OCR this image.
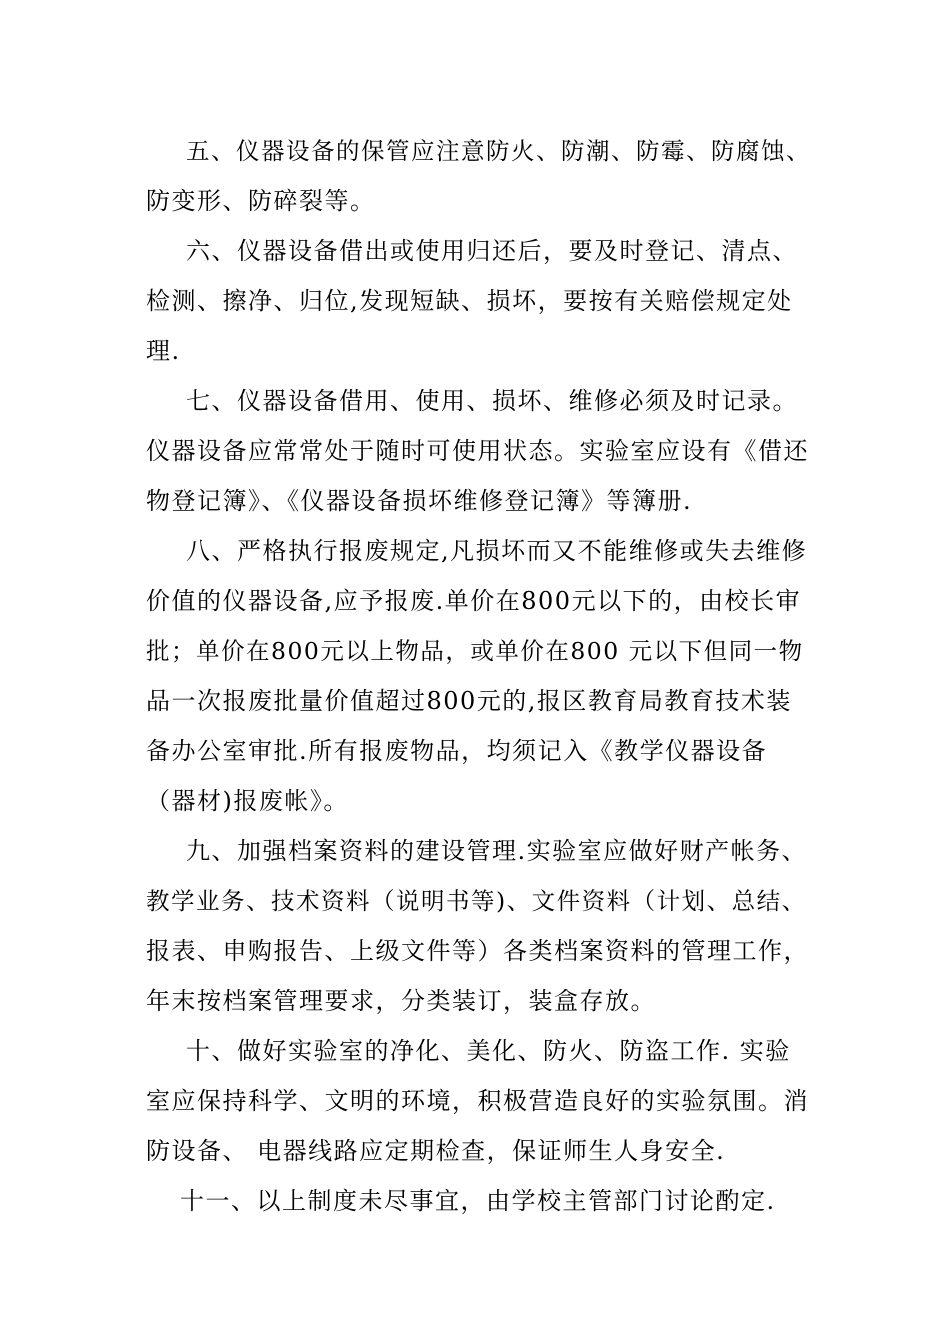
五、仪器设备的保管应注意防火、防潮、防霉、防腐蚀、
防变形、防碎裂等。
六、仪器设备借出或使用归还后，要及时登记、清点、
检测、擦净、归位,发现短缺、损坏，要按有关赔偿规定处
理.
七、仪器设备借用、使用、损坏、维修必须及时记录。
仪器设备应常常处于随时可使用状态。实验室应设有《借还
物登记簿》、《仪器设备损坏维修登记簿》等簿册.
八、严格执行报废规定,凡损坏而又不能维修或失去维修
价值的仪器设备,应予报废.单价在800元以下的，由校长审
批；单价在800元以上物品，或单价在800 元以下但同一物
品一次报废批量价值超过800元的,报区教育局教育技术装
备办公室审批.所有报废物品，均须记入《教学仪器设备
（器材)报废帐》。
九、加强档案资料的建设管理.实验室应做好财产帐务、
教学业务、技术资料（说明书等)、文件资料（计划、总结、
报表、申购报告、上级文件等）各类档案资料的管理工作，
年末按档案管理要求，分类装订，装盒存放。
十、做好实验室的净化、美化、防火、防盗工作. 实验
室应保持科学、文明的环境，积极营造良好的实验氛围。消
防设备、 电器线路应定期检查，保证师生人身安全.
十一、以上制度未尽事宜，由学校主管部门讨论酌定.
